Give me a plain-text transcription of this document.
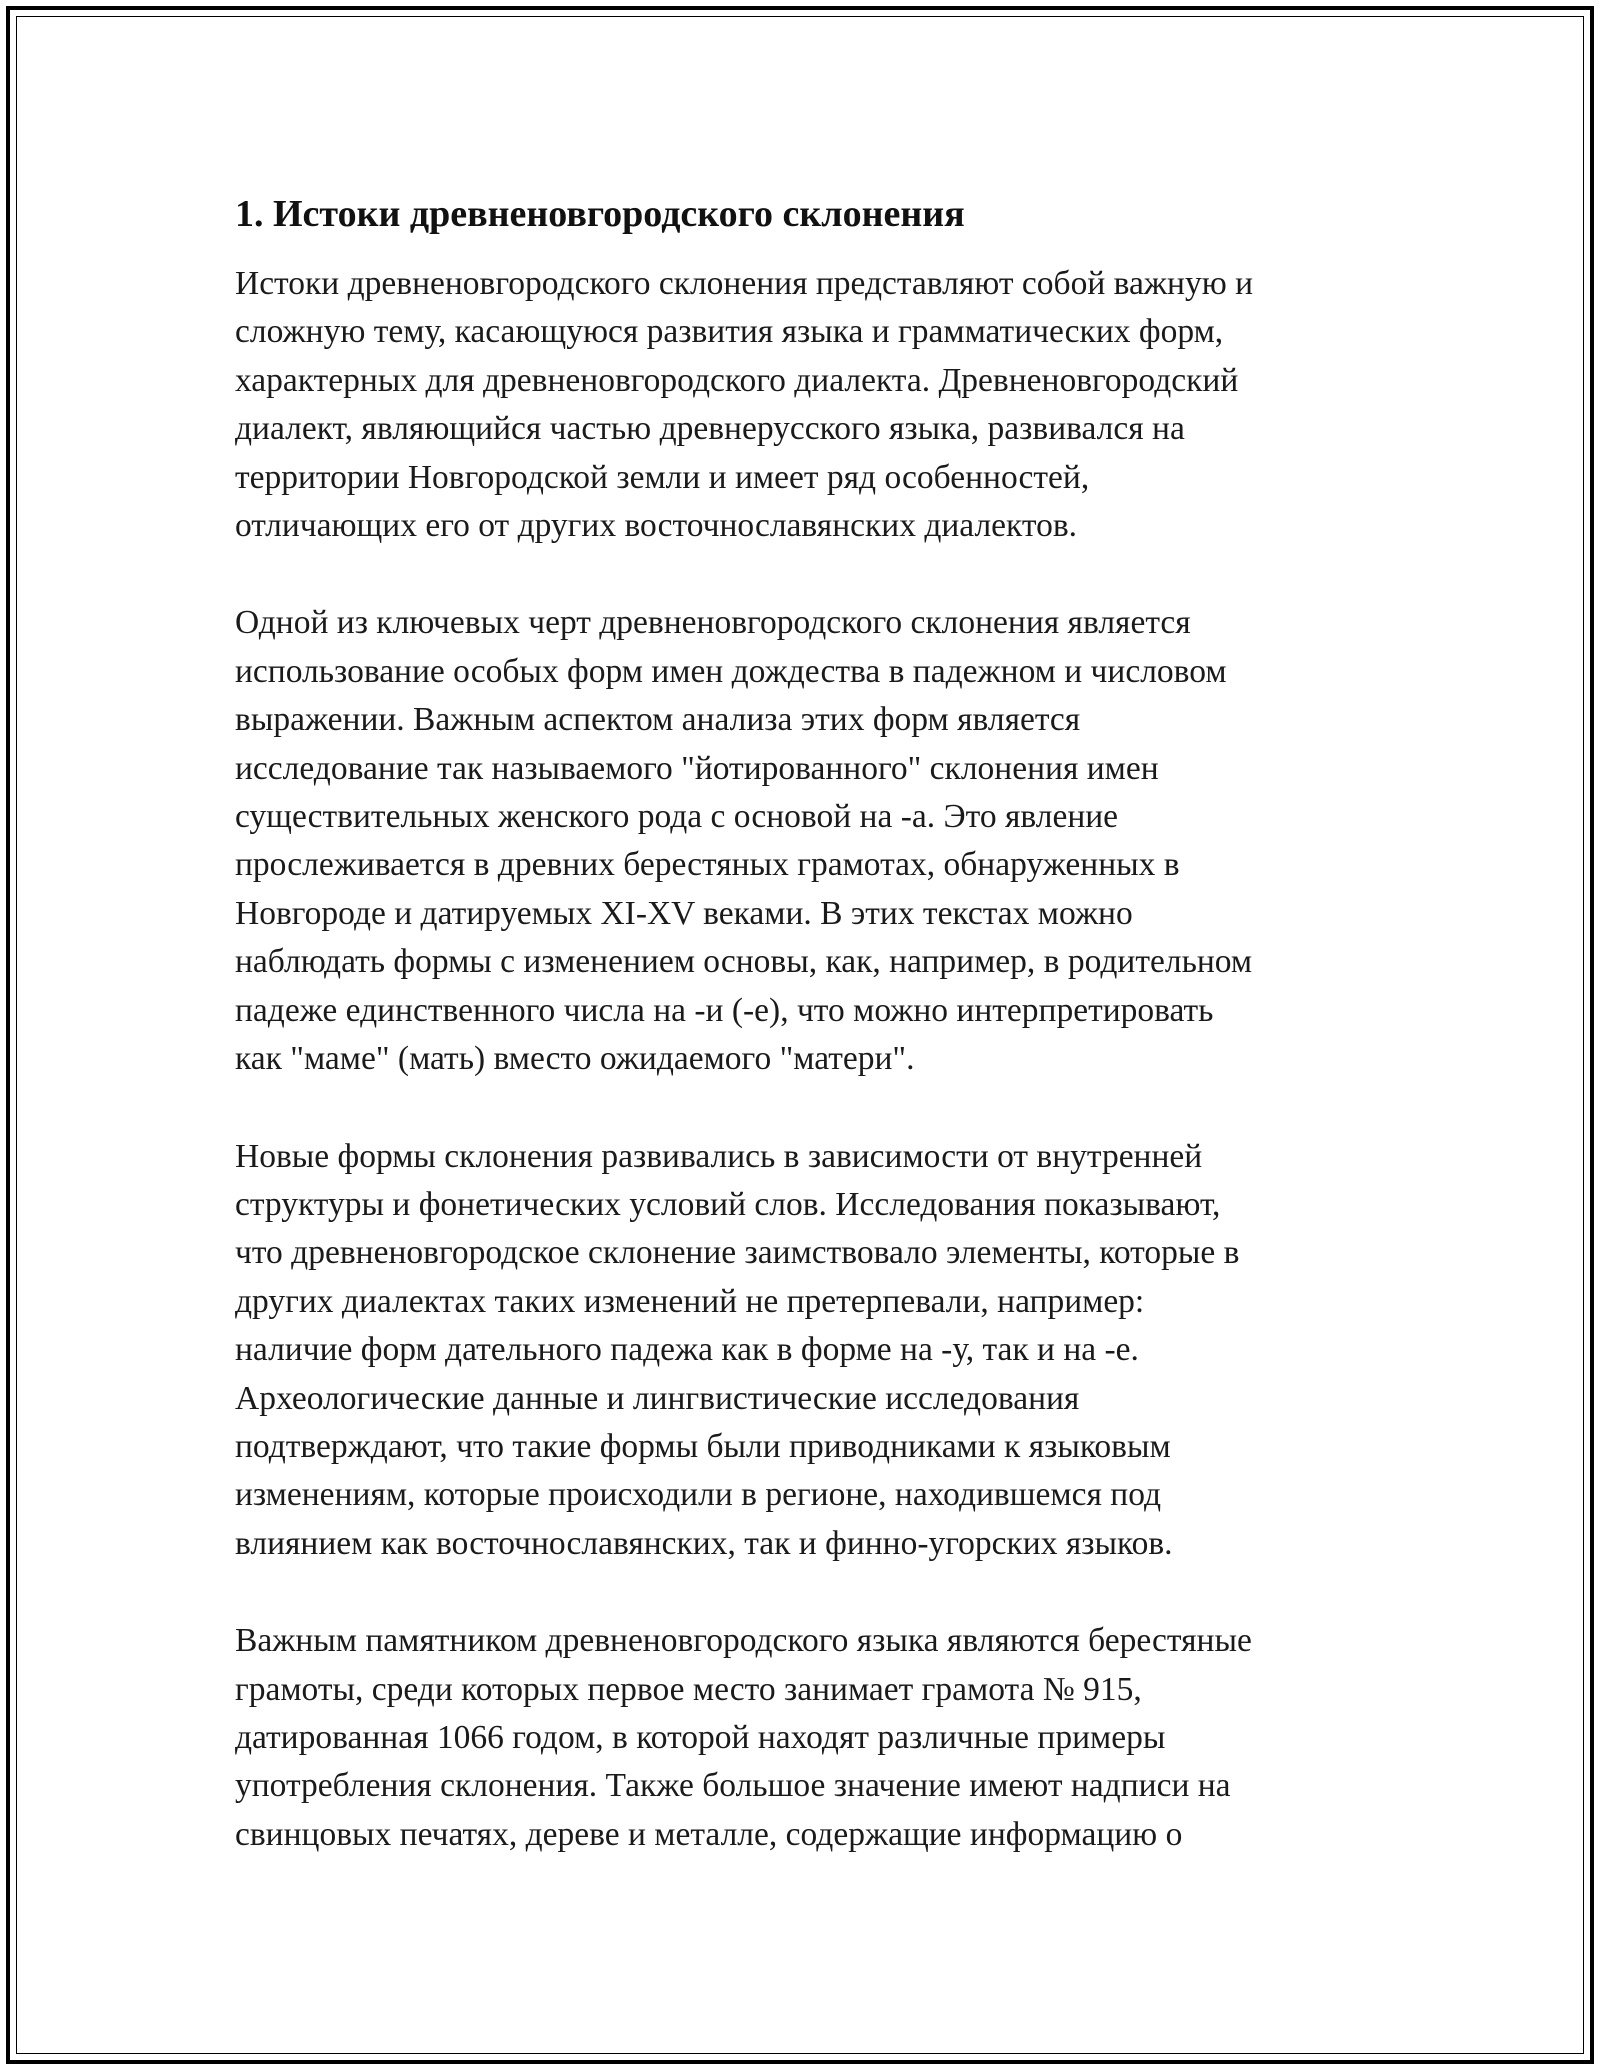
1. Истоки древненовгородского склонения

Истоки древненовгородского склонения представляют собой важную и
сложную тему, касающуюся развития языка и грамматических форм,
характерных для древненовгородского диалекта. Древненовгородский
диалект, являющийся частью древнерусского языка, развивался на
территории Новгородской земли и имеет ряд особенностей,
отличающих его от других восточнославянских диалектов.

Одной из ключевых черт древненовгородского склонения является
использование особых форм имен дождества в падежном и числовом
выражении. Важным аспектом анализа этих форм является
исследование так называемого "йотированного" склонения имен
существительных женского рода с основой на -а. Это явление
прослеживается в древних берестяных грамотах, обнаруженных в
Новгороде и датируемых XI-XV веками. В этих текстах можно
наблюдать формы с изменением основы, как, например, в родительном
падеже единственного числа на -и (-е), что можно интерпретировать
как "маме" (мать) вместо ожидаемого "матери".

Новые формы склонения развивались в зависимости от внутренней
структуры и фонетических условий слов. Исследования показывают,
что древненовгородское склонение заимствовало элементы, которые в
других диалектах таких изменений не претерпевали, например:
наличие форм дательного падежа как в форме на -у, так и на -е.
Археологические данные и лингвистические исследования
подтверждают, что такие формы были приводниками к языковым
изменениям, которые происходили в регионе, находившемся под
влиянием как восточнославянских, так и финно-угорских языков.

Важным памятником древненовгородского языка являются берестяные
грамоты, среди которых первое место занимает грамота № 915,
датированная 1066 годом, в которой находят различные примеры
употребления склонения. Также большое значение имеют надписи на
свинцовых печатях, дереве и металле, содержащие информацию о
